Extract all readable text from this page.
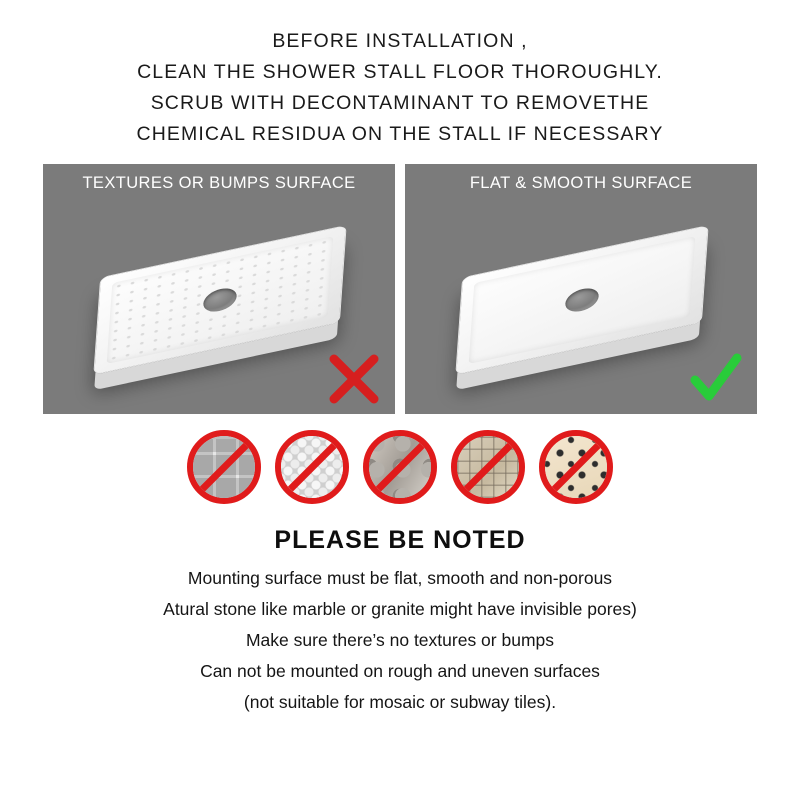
BEFORE INSTALLATION ,
CLEAN THE SHOWER STALL FLOOR THOROUGHLY.
SCRUB WITH DECONTAMINANT TO REMOVETHE
CHEMICAL RESIDUA ON THE STALL IF NECESSARY
TEXTURES OR BUMPS SURFACE	FLAT & SMOOTH SURFACE
PLEASE BE NOTED
Mounting surface must be flat, smooth and non-porous
Atural stone like marble or granite might have invisible pores)
Make sure there’s no textures or bumps
Can not be mounted on rough and uneven surfaces
(not suitable for mosaic or subway tiles).
